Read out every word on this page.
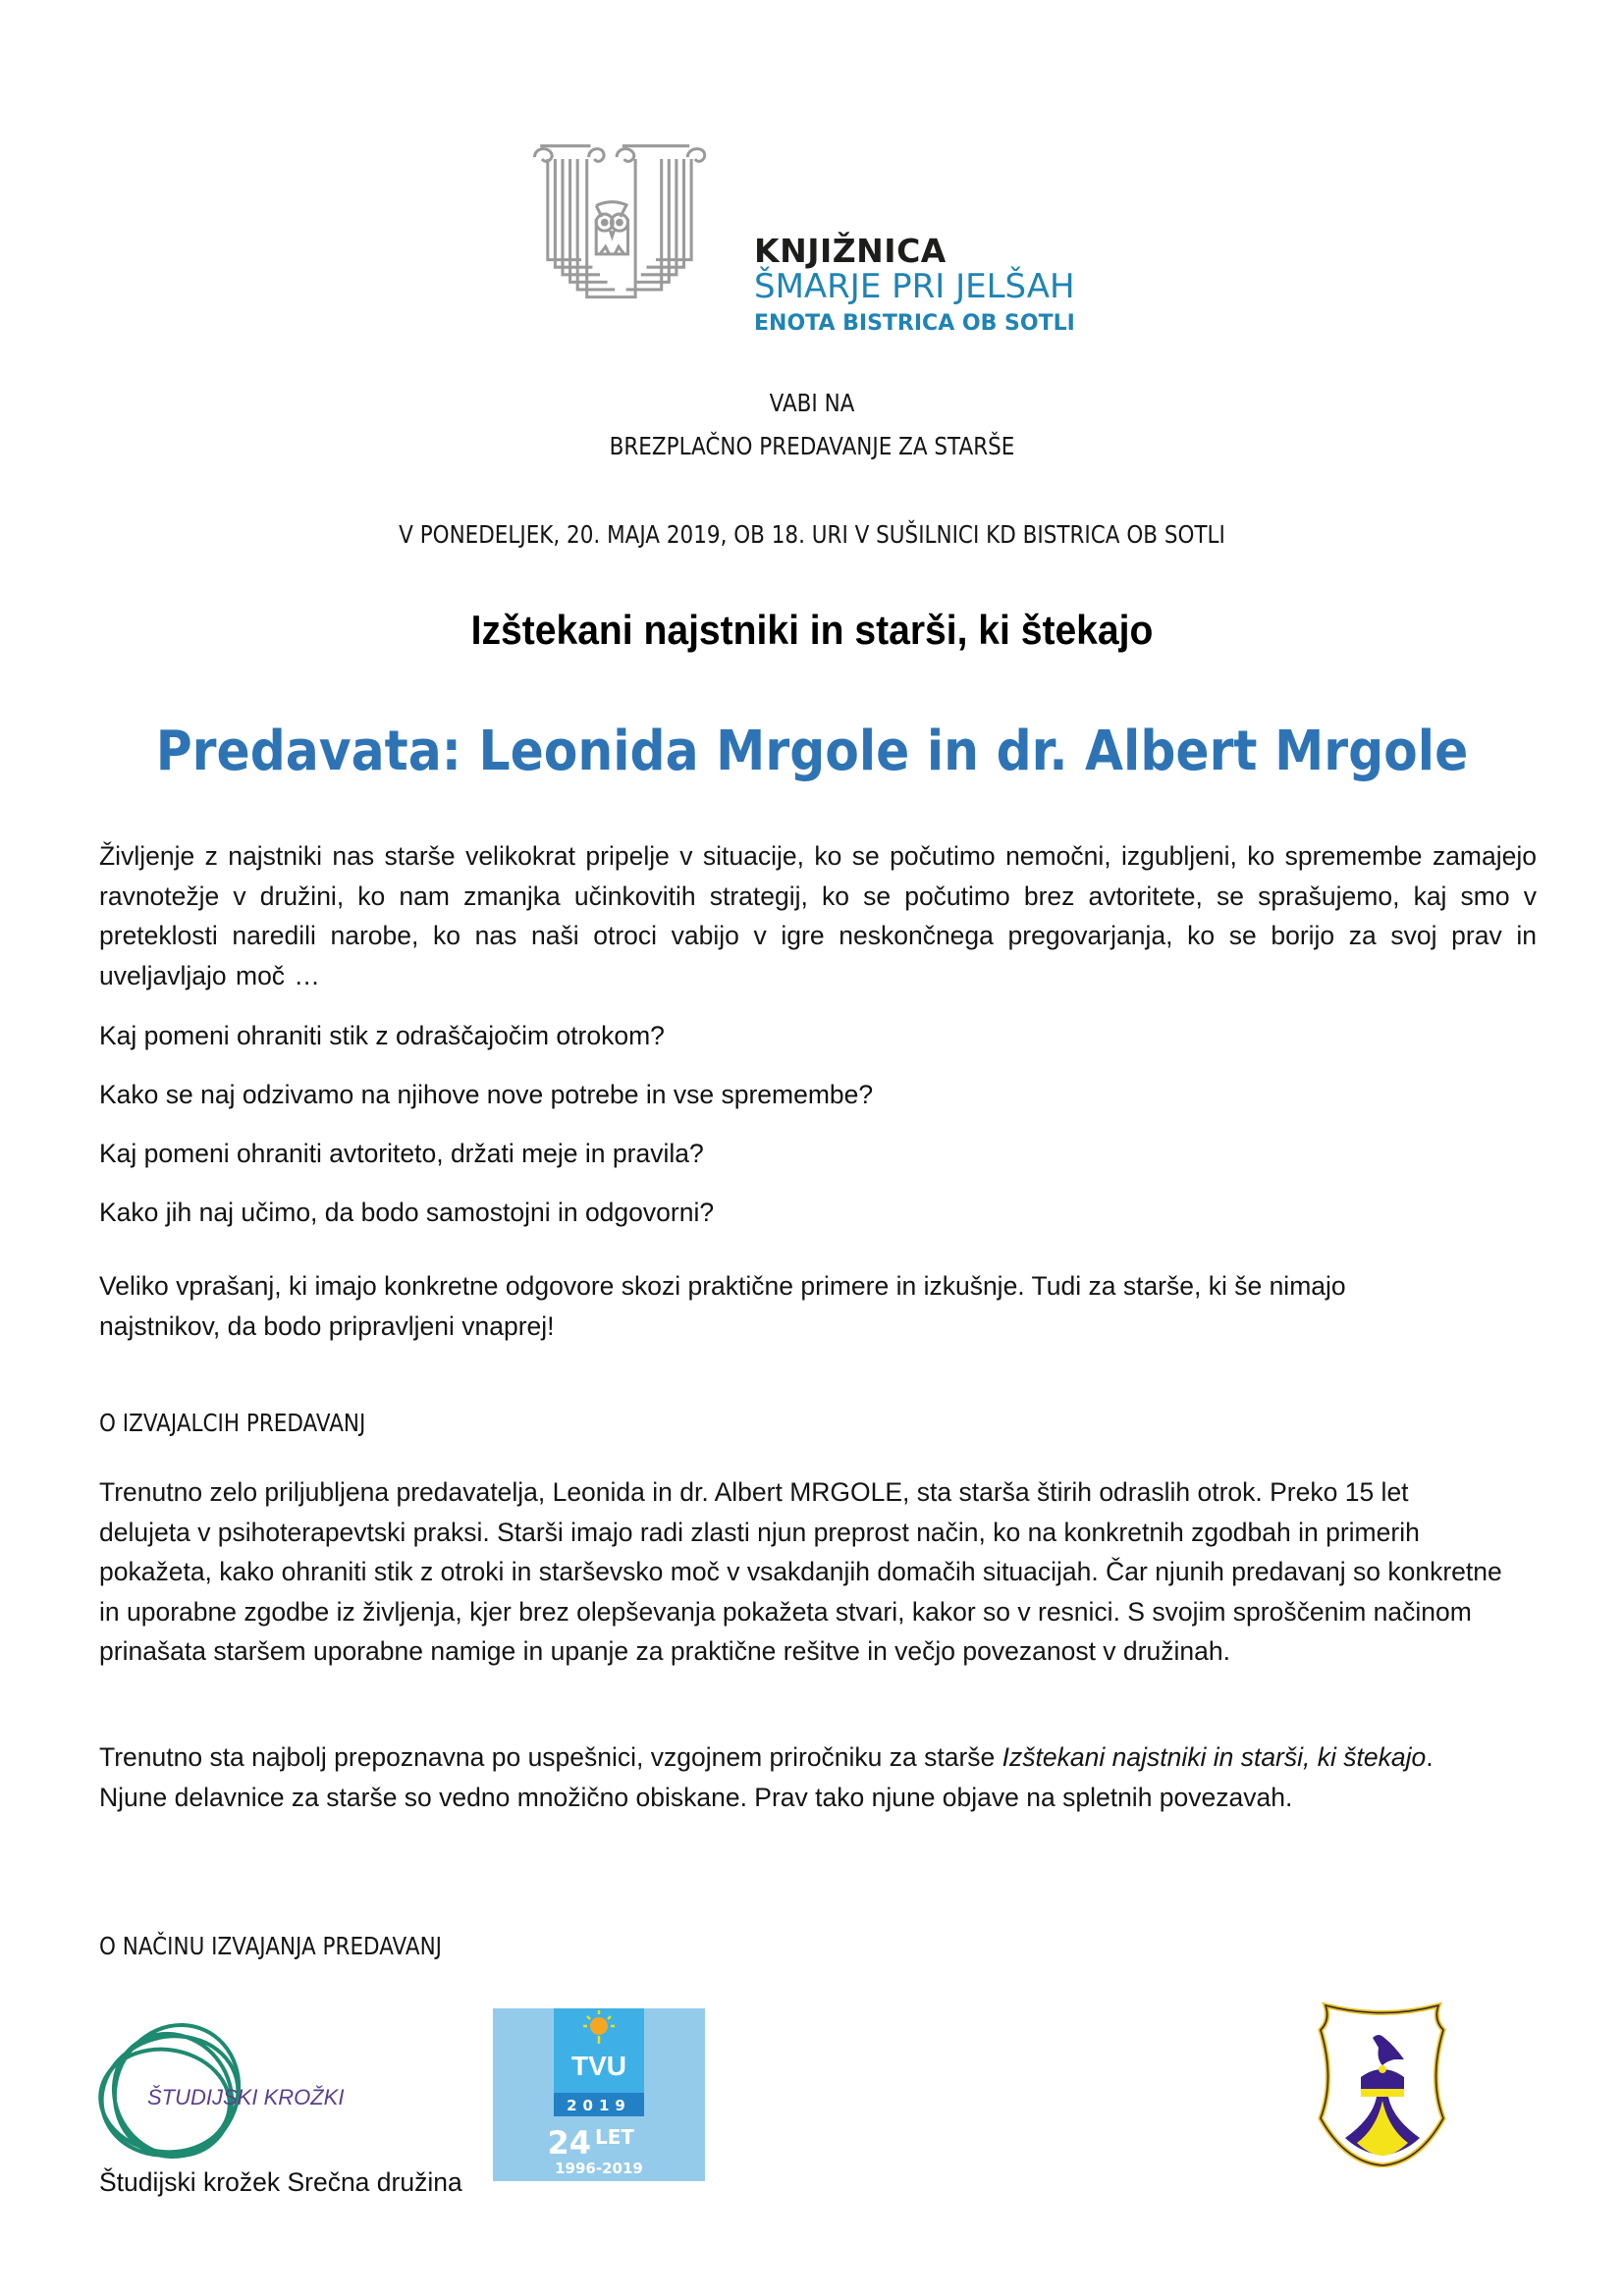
KNJIŽNICA
ŠMARJE PRI JELŠAH
ENOTA BISTRICA OB SOTLI
VABI NA
BREZPLAČNO PREDAVANJE ZA STARŠE
V PONEDELJEK, 20. MAJA 2019, OB 18. URI V SUŠILNICI KD BISTRICA OB SOTLI
Izštekani najstniki in starši, ki štekajo
Predavata: Leonida Mrgole in dr. Albert Mrgole
Življenje z najstniki nas starše velikokrat pripelje v situacije, ko se počutimo nemočni, izgubljeni, ko spremembe zamajejo ravnotežje v družini, ko nam zmanjka učinkovitih strategij, ko se počutimo brez avtoritete, se sprašujemo, kaj smo v preteklosti naredili narobe, ko nas naši otroci vabijo v igre neskončnega pregovarjanja, ko se borijo za svoj prav in uveljavljajo moč …
Kaj pomeni ohraniti stik z odraščajočim otrokom?
Kako se naj odzivamo na njihove nove potrebe in vse spremembe?
Kaj pomeni ohraniti avtoriteto, držati meje in pravila?
Kako jih naj učimo, da bodo samostojni in odgovorni?
Veliko vprašanj, ki imajo konkretne odgovore skozi praktične primere in izkušnje. Tudi za starše, ki še nimajo najstnikov, da bodo pripravljeni vnaprej!
O IZVAJALCIH PREDAVANJ
Trenutno zelo priljubljena predavatelja, Leonida in dr. Albert MRGOLE, sta starša štirih odraslih otrok. Preko 15 let delujeta v psihoterapevtski praksi. Starši imajo radi zlasti njun preprost način, ko na konkretnih zgodbah in primerih pokažeta, kako ohraniti stik z otroki in starševsko moč v vsakdanjih domačih situacijah. Čar njunih predavanj so konkretne in uporabne zgodbe iz življenja, kjer brez olepševanja pokažeta stvari, kakor so v resnici. S svojim sproščenim načinom prinašata staršem uporabne namige in upanje za praktične rešitve in večjo povezanost v družinah.
Trenutno sta najbolj prepoznavna po uspešnici, vzgojnem priročniku za starše Izštekani najstniki in starši, ki štekajo.
Njune delavnice za starše so vedno množično obiskane. Prav tako njune objave na spletnih povezavah.
O NAČINU IZVAJANJA PREDAVANJ
ŠTUDIJSKI KROŽKI
Študijski krožek Srečna družina
TVU
2019
24 LET
1996-2019
